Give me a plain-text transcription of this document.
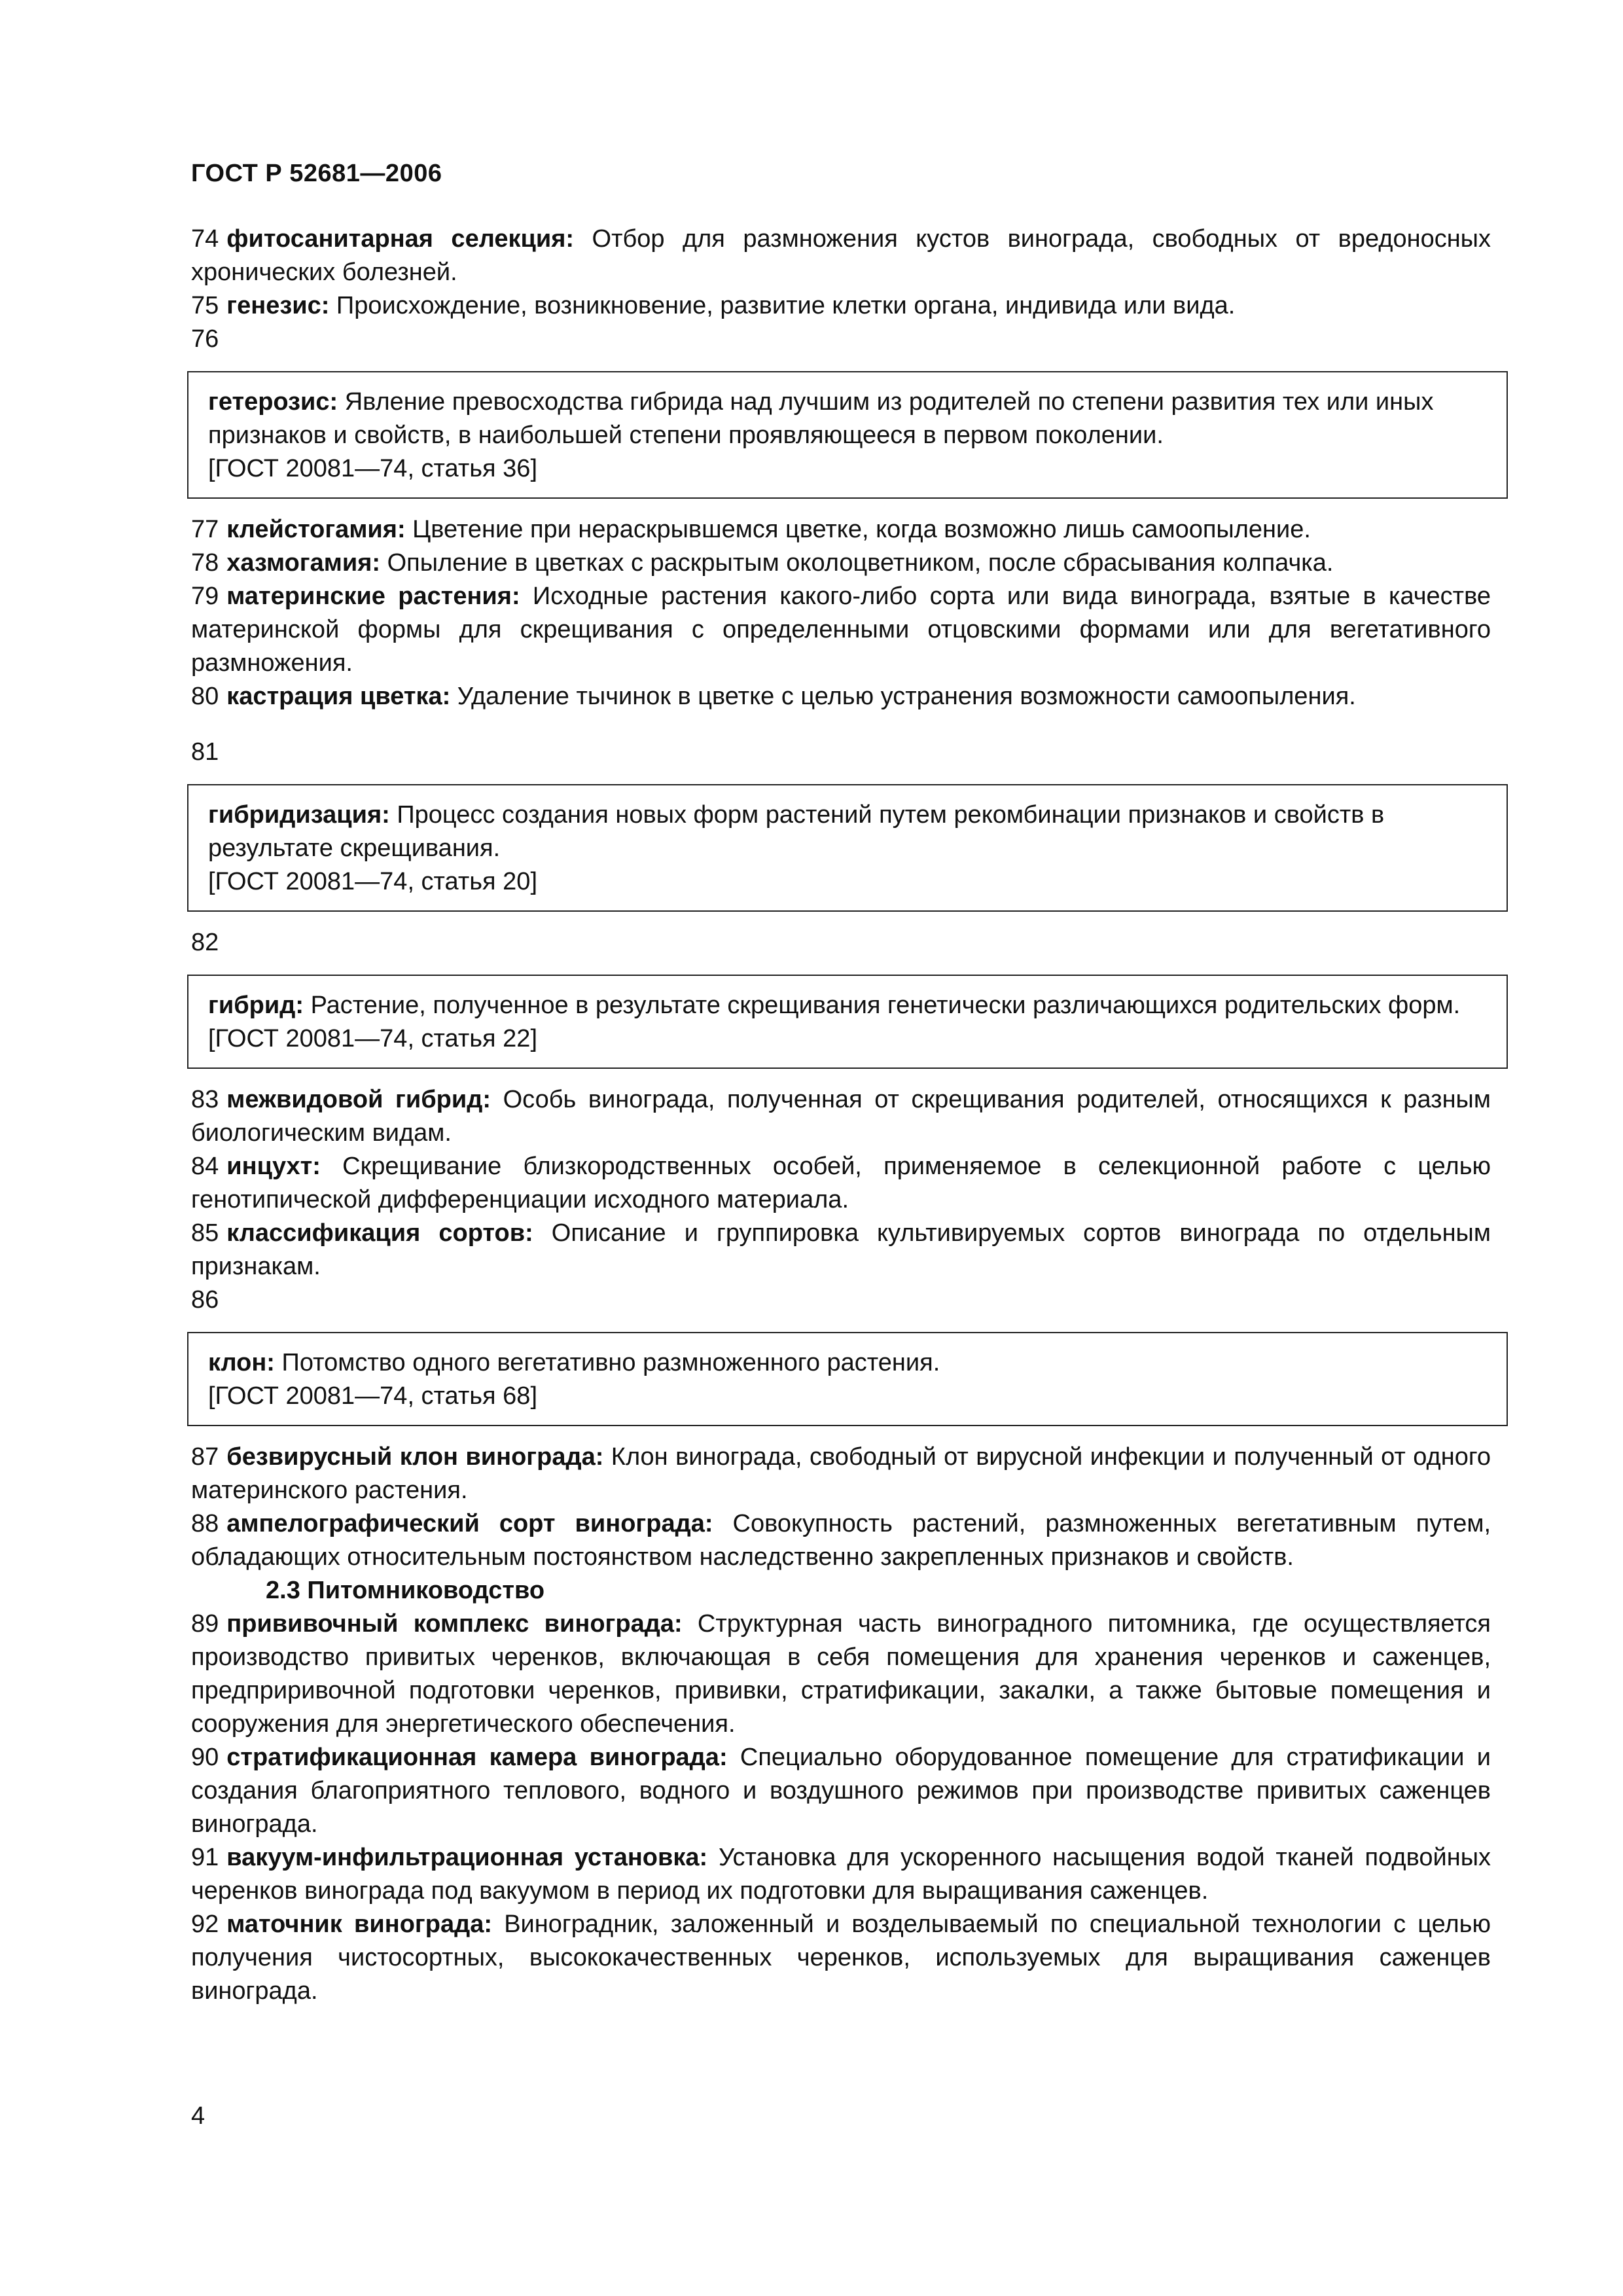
ГОСТ Р 52681—2006
74 фитосанитарная селекция: Отбор для размножения кустов винограда, свободных от вредоносных хронических болезней.
75 генезис: Происхождение, возникновение, развитие клетки органа, индивида или вида.
76
гетерозис: Явление превосходства гибрида над лучшим из родителей по степени развития тех или иных признаков и свойств, в наибольшей степени проявляющееся в первом поколении.
[ГОСТ 20081—74, статья 36]
77 клейстогамия: Цветение при нераскрывшемся цветке, когда возможно лишь самоопыление.
78 хазмогамия: Опыление в цветках с раскрытым околоцветником, после сбрасывания колпачка.
79 материнские растения: Исходные растения какого-либо сорта или вида винограда, взятые в качестве материнской формы для скрещивания с определенными отцовскими формами или для вегетативного размножения.
80 кастрация цветка: Удаление тычинок в цветке с целью устранения возможности самоопыления.
81
гибридизация: Процесс создания новых форм растений путем рекомбинации признаков и свойств в результате скрещивания.
[ГОСТ 20081—74, статья 20]
82
гибрид: Растение, полученное в результате скрещивания генетически различающихся родительских форм.
[ГОСТ 20081—74, статья 22]
83 межвидовой гибрид: Особь винограда, полученная от скрещивания родителей, относящихся к разным биологическим видам.
84 инцухт: Скрещивание близкородственных особей, применяемое в селекционной работе с целью генотипической дифференциации исходного материала.
85 классификация сортов: Описание и группировка культивируемых сортов винограда по отдельным признакам.
86
клон: Потомство одного вегетативно размноженного растения.
[ГОСТ 20081—74, статья 68]
87 безвирусный клон винограда: Клон винограда, свободный от вирусной инфекции и полученный от одного материнского растения.
88 ампелографический сорт винограда: Совокупность растений, размноженных вегетативным путем, обладающих относительным постоянством наследственно закрепленных признаков и свойств.
2.3 Питомниководство
89 прививочный комплекс винограда: Структурная часть виноградного питомника, где осуществляется производство привитых черенков, включающая в себя помещения для хранения черенков и саженцев, предприривочной подготовки черенков, прививки, стратификации, закалки, а также бытовые помещения и сооружения для энергетического обеспечения.
90 стратификационная камера винограда: Специально оборудованное помещение для стратификации и создания благоприятного теплового, водного и воздушного режимов при производстве привитых саженцев винограда.
91 вакуум-инфильтрационная установка: Установка для ускоренного насыщения водой тканей подвойных черенков винограда под вакуумом в период их подготовки для выращивания саженцев.
92 маточник винограда: Виноградник, заложенный и возделываемый по специальной технологии с целью получения чистосортных, высококачественных черенков, используемых для выращивания саженцев винограда.
4
